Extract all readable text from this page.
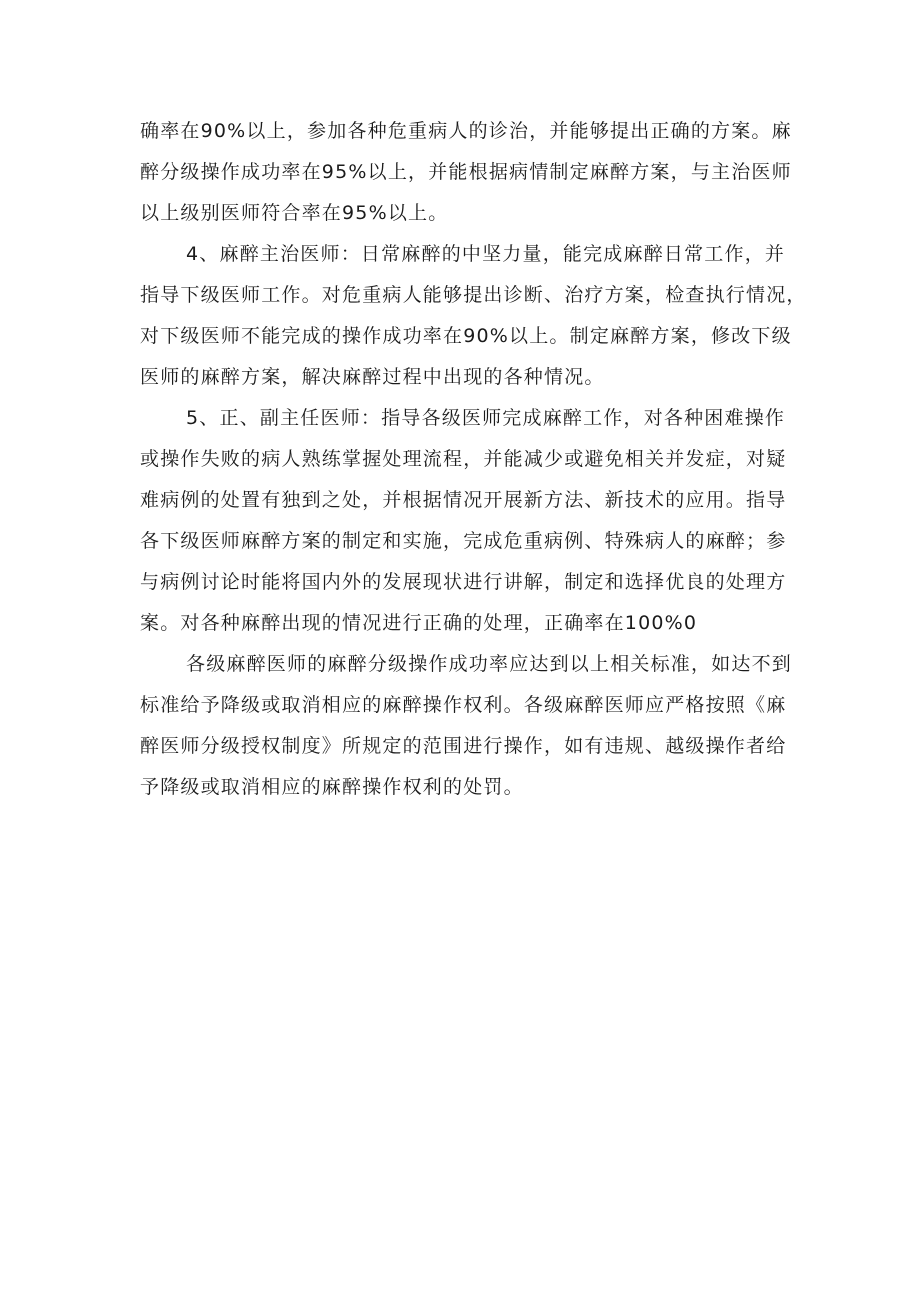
确率在90%以上，参加各种危重病人的诊治，并能够提出正确的方案。麻
醉分级操作成功率在95%以上，并能根据病情制定麻醉方案，与主治医师
以上级别医师符合率在95%以上。
4、麻醉主治医师：日常麻醉的中坚力量，能完成麻醉日常工作，并
指导下级医师工作。对危重病人能够提出诊断、治疗方案，检查执行情况，
对下级医师不能完成的操作成功率在90%以上。制定麻醉方案，修改下级
医师的麻醉方案，解决麻醉过程中出现的各种情况。
5、正、副主任医师：指导各级医师完成麻醉工作，对各种困难操作
或操作失败的病人熟练掌握处理流程，并能减少或避免相关并发症，对疑
难病例的处置有独到之处，并根据情况开展新方法、新技术的应用。指导
各下级医师麻醉方案的制定和实施，完成危重病例、特殊病人的麻醉；参
与病例讨论时能将国内外的发展现状进行讲解，制定和选择优良的处理方
案。对各种麻醉出现的情况进行正确的处理，正确率在100%0
各级麻醉医师的麻醉分级操作成功率应达到以上相关标准，如达不到
标准给予降级或取消相应的麻醉操作权利。各级麻醉医师应严格按照《麻
醉医师分级授权制度》所规定的范围进行操作，如有违规、越级操作者给
予降级或取消相应的麻醉操作权利的处罚。
